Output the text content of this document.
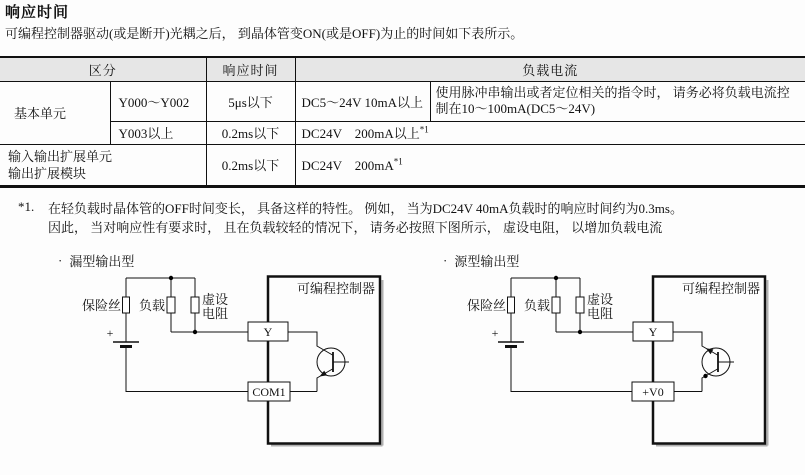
响应时间
可编程控制器驱动(或是断开)光耦之后， 到晶体管变ON(或是OFF)为止的时间如下表所示。
区分		响应时间	负载电流	
基本单元	Y000～Y002	5μs以下	DC5～24V 10mA以上	使用脉冲串输出或者定位相关的指令时， 请务必将负载电流控制在10～100mA(DC5～24V)
	Y003以上	0.2ms以下	DC24V　200mA以上$^{*1}$

输入输出扩展单元
输出扩展模块		0.2ms以下	DC24V　200mA$^{*1}$
*1.	在轻负载时晶体管的OFF时间变长， 具备这样的特性。 例如， 当为DC24V 40mA负载时的响应时间约为0.3ms。
因此， 当对响应性有要求时， 且在负载较轻的情况下， 请务必按照下图所示， 虚设电阻， 以增加负载电流
· 漏型输出型	· 源型输出型
可编程控制器
+
保险丝 负载	虚设
电阻
Y
COM1
可编程控制器
+
保险丝 负载	虚设
电阻
Y
+V0
